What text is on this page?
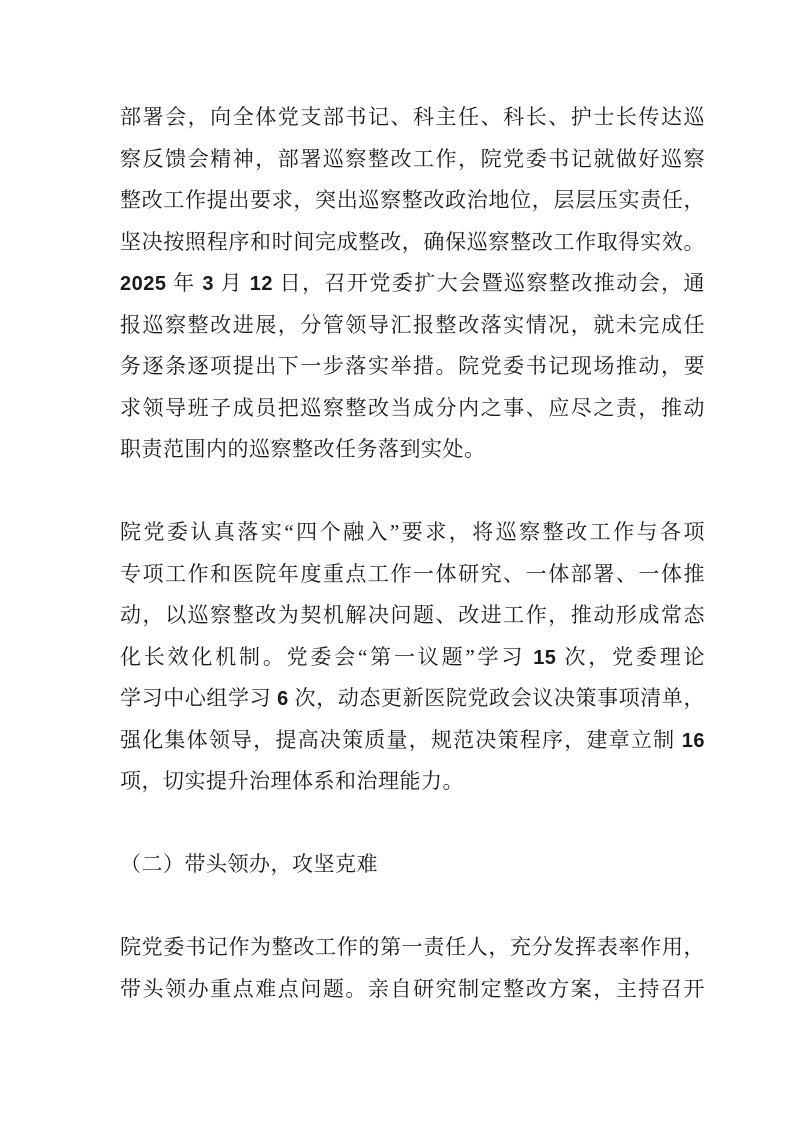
部署会，向全体党支部书记、科主任、科长、护士长传达巡
察反馈会精神，部署巡察整改工作，院党委书记就做好巡察
整改工作提出要求，突出巡察整改政治地位，层层压实责任，
坚决按照程序和时间完成整改，确保巡察整改工作取得实效。
2025 年 3 月 12 日，召开党委扩大会暨巡察整改推动会，通
报巡察整改进展，分管领导汇报整改落实情况，就未完成任
务逐条逐项提出下一步落实举措。院党委书记现场推动，要
求领导班子成员把巡察整改当成分内之事、应尽之责，推动
职责范围内的巡察整改任务落到实处。
院党委认真落实“四个融入”要求，将巡察整改工作与各项
专项工作和医院年度重点工作一体研究、一体部署、一体推
动，以巡察整改为契机解决问题、改进工作，推动形成常态
化长效化机制。党委会“第一议题”学习 15 次，党委理论
学习中心组学习 6 次，动态更新医院党政会议决策事项清单，
强化集体领导，提高决策质量，规范决策程序，建章立制 16
项，切实提升治理体系和治理能力。
（二）带头领办，攻坚克难
院党委书记作为整改工作的第一责任人，充分发挥表率作用，
带头领办重点难点问题。亲自研究制定整改方案，主持召开
